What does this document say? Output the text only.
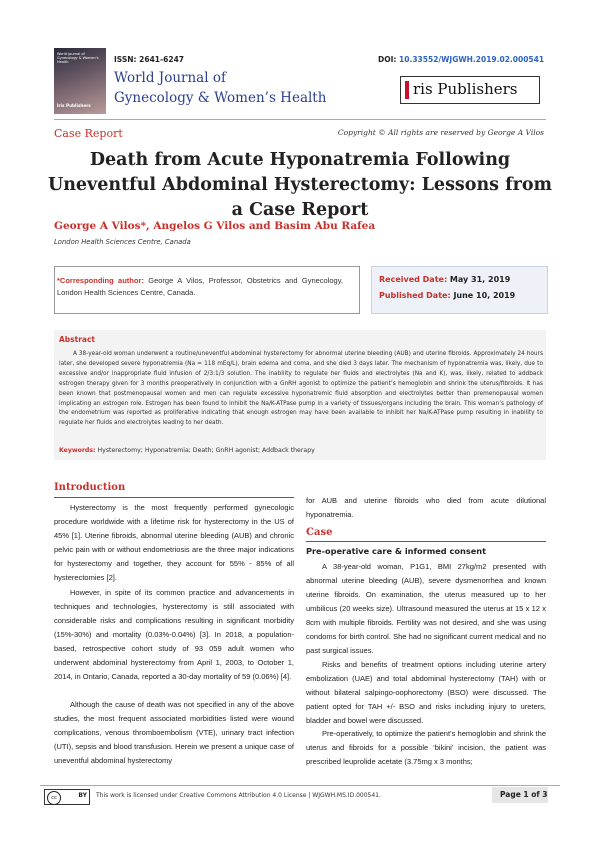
World Journal of Gynecology & Women's Health
Iris Publishers
ISSN: 2641-6247
World Journal of
Gynecology & Women’s Health
DOI: 10.33552/WJGWH.2019.02.000541
ris Publishers
Case Report	Copyright © All rights are reserved by George A Vilos
Death from Acute Hyponatremia Following Uneventful Abdominal Hysterectomy: Lessons from a Case Report
George A Vilos*, Angelos G Vilos and Basim Abu Rafea
London Health Sciences Centre, Canada
*Corresponding author: George A Vilos, Professor, Obstetrics and Gynecology, London Health Sciences Centre, Canada.
Received Date: May 31, 2019
Published Date: June 10, 2019
Abstract
A 38-year-old woman underwent a routine/uneventful abdominal hysterectomy for abnormal uterine bleeding (AUB) and uterine fibroids. Approximately 24 hours later, she developed severe hyponatremia (Na = 118 mEq/L), brain edema and coma, and she died 3 days later. The mechanism of hyponatremia was, likely, due to excessive and/or inappropriate fluid infusion of 2/3:1/3 solution. The inability to regulate her fluids and electrolytes (Na and K), was, likely, related to addback estrogen therapy given for 3 months preoperatively in conjunction with a GnRH agonist to optimize the patient’s hemoglobin and shrink the uterus/fibroids. It has been known that postmenopausal women and men can regulate excessive hyponatremic fluid absorption and electrolytes better than premenopausal women implicating an estrogen role. Estrogen has been found to inhibit the Na/K-ATPase pump in a variety of tissues/organs including the brain. This woman’s pathology of the endometrium was reported as proliferative indicating that enough estrogen may have been available to inhibit her Na/K-ATPase pump resulting in inability to regulate her fluids and electrolytes leading to her death.
Keywords: Hysterectomy; Hyponatremia; Death; GnRH agonist; Addback therapy
Introduction
Hysterectomy is the most frequently performed gynecologic procedure worldwide with a lifetime risk for hysterectomy in the US of 45% [1]. Uterine fibroids, abnormal uterine bleeding (AUB) and chronic pelvic pain with or without endometriosis are the three major indications for hysterectomy and together, they account for 55% - 85% of all hysterectomies [2].
However, in spite of its common practice and advancements in techniques and technologies, hysterectomy is still associated with considerable risks and complications resulting in significant morbidity (15%-30%) and mortality (0.03%-0.04%) [3]. In 2018, a population-based, retrospective cohort study of 93 059 adult women who underwent abdominal hysterectomy from April 1, 2003, to October 1, 2014, in Ontario, Canada, reported a 30-day mortality of 59 (0.06%) [4].
Although the cause of death was not specified in any of the above studies, the most frequent associated morbidities listed were wound complications, venous thromboembolism (VTE), urinary tract infection (UTI), sepsis and blood transfusion. Herein we present a unique case of uneventful abdominal hysterectomy
for AUB and uterine fibroids who died from acute dilutional hyponatremia.
Case
Pre-operative care & informed consent
A 38-year-old woman, P1G1, BMI 27kg/m2 presented with abnormal uterine bleeding (AUB), severe dysmenorrhea and known uterine fibroids. On examination, the uterus measured up to her umbilicus (20 weeks size). Ultrasound measured the uterus at 15 x 12 x 8cm with multiple fibroids. Fertility was not desired, and she was using condoms for birth control. She had no significant current medical and no past surgical issues.
Risks and benefits of treatment options including uterine artery embolization (UAE) and total abdominal hysterectomy (TAH) with or without bilateral salpingo-oophorectomy (BSO) were discussed. The patient opted for TAH +/- BSO and risks including injury to ureters, bladder and bowel were discussed.
Pre-operatively, to optimize the patient’s hemoglobin and shrink the uterus and fibroids for a possible ‘bikini’ incision, the patient was prescribed leuprolide acetate (3.75mg x 3 months;
cc	BY This work is licensed under Creative Commons Attribution 4.0 License | WJGWH.MS.ID.000541.	Page 1 of 3
